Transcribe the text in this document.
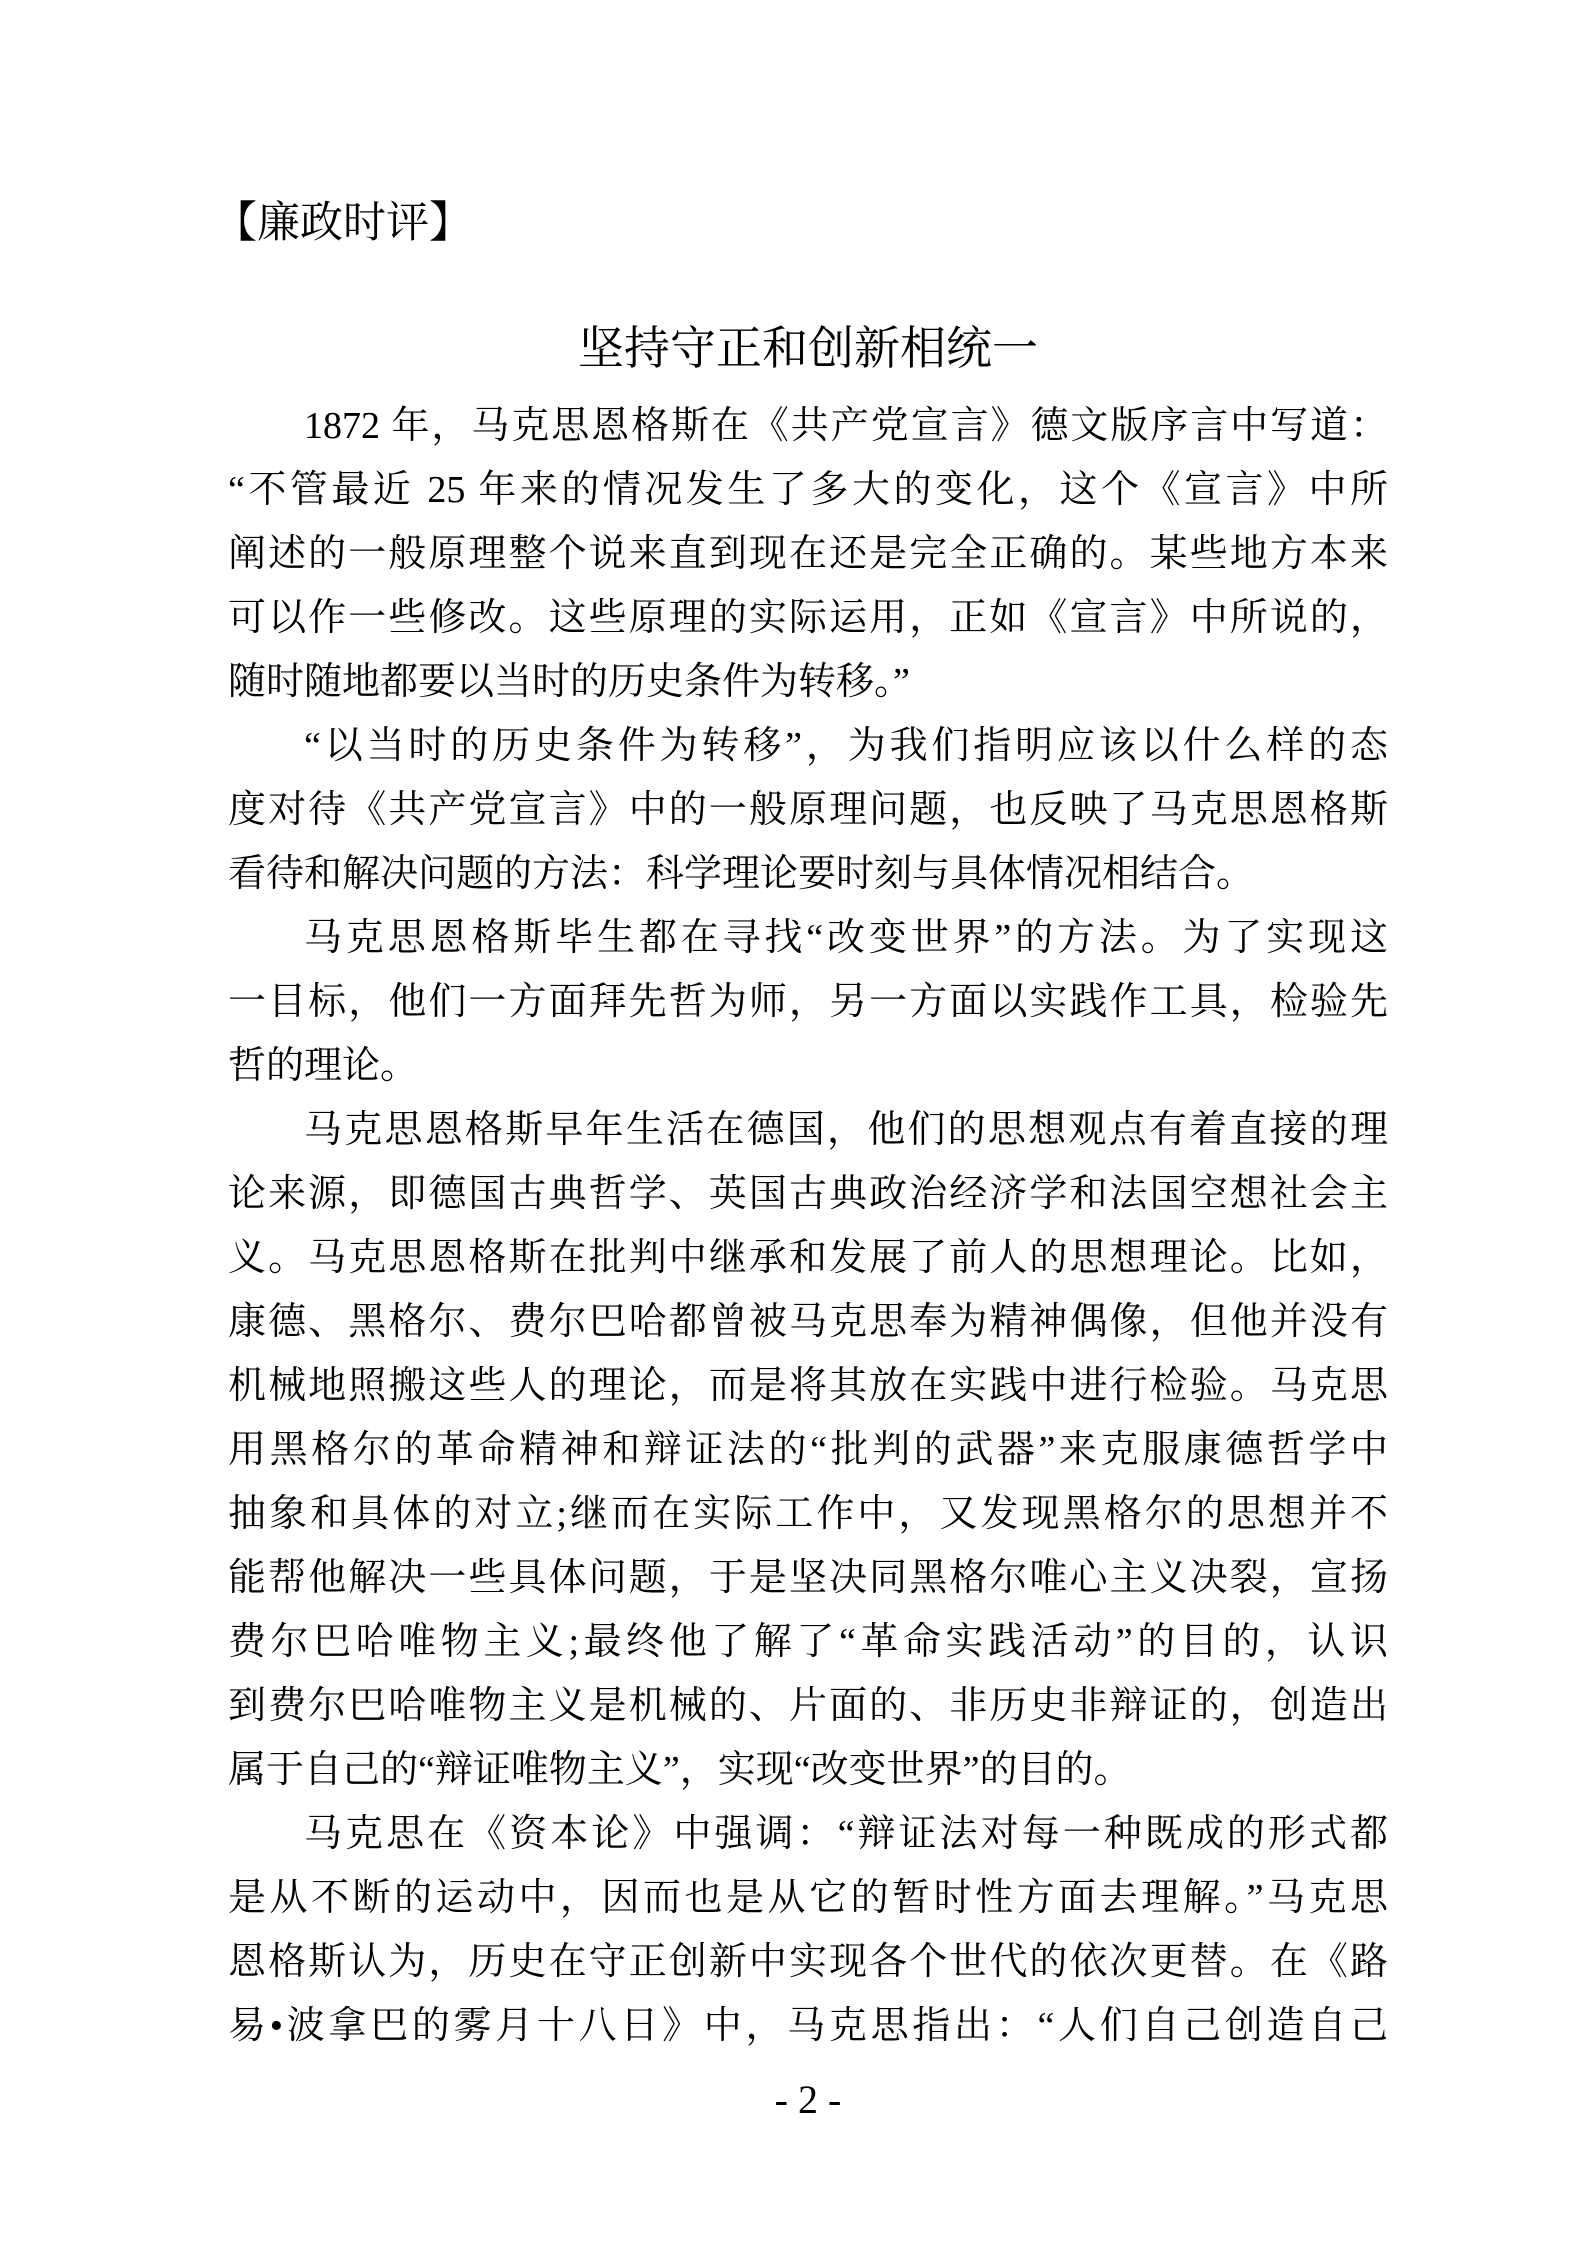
【廉政时评】
坚持守正和创新相统一
1872 年，马克思恩格斯在《共产党宣言》德文版序言中写道：
“不管最近 25 年来的情况发生了多大的变化，这个《宣言》中所
阐述的一般原理整个说来直到现在还是完全正确的。某些地方本来
可以作一些修改。这些原理的实际运用，正如《宣言》中所说的，
随时随地都要以当时的历史条件为转移。”
“以当时的历史条件为转移”，为我们指明应该以什么样的态
度对待《共产党宣言》中的一般原理问题，也反映了马克思恩格斯
看待和解决问题的方法：科学理论要时刻与具体情况相结合。
马克思恩格斯毕生都在寻找“改变世界”的方法。为了实现这
一目标，他们一方面拜先哲为师，另一方面以实践作工具，检验先
哲的理论。
马克思恩格斯早年生活在德国，他们的思想观点有着直接的理
论来源，即德国古典哲学、英国古典政治经济学和法国空想社会主
义。马克思恩格斯在批判中继承和发展了前人的思想理论。比如，
康德、黑格尔、费尔巴哈都曾被马克思奉为精神偶像，但他并没有
机械地照搬这些人的理论，而是将其放在实践中进行检验。马克思
用黑格尔的革命精神和辩证法的“批判的武器”来克服康德哲学中
抽象和具体的对立;继而在实际工作中，又发现黑格尔的思想并不
能帮他解决一些具体问题，于是坚决同黑格尔唯心主义决裂，宣扬
费尔巴哈唯物主义;最终他了解了“革命实践活动”的目的，认识
到费尔巴哈唯物主义是机械的、片面的、非历史非辩证的，创造出
属于自己的“辩证唯物主义”，实现“改变世界”的目的。
马克思在《资本论》中强调：“辩证法对每一种既成的形式都
是从不断的运动中，因而也是从它的暂时性方面去理解。”马克思
恩格斯认为，历史在守正创新中实现各个世代的依次更替。在《路
易•波拿巴的雾月十八日》中，马克思指出：“人们自己创造自己
- 2 -
